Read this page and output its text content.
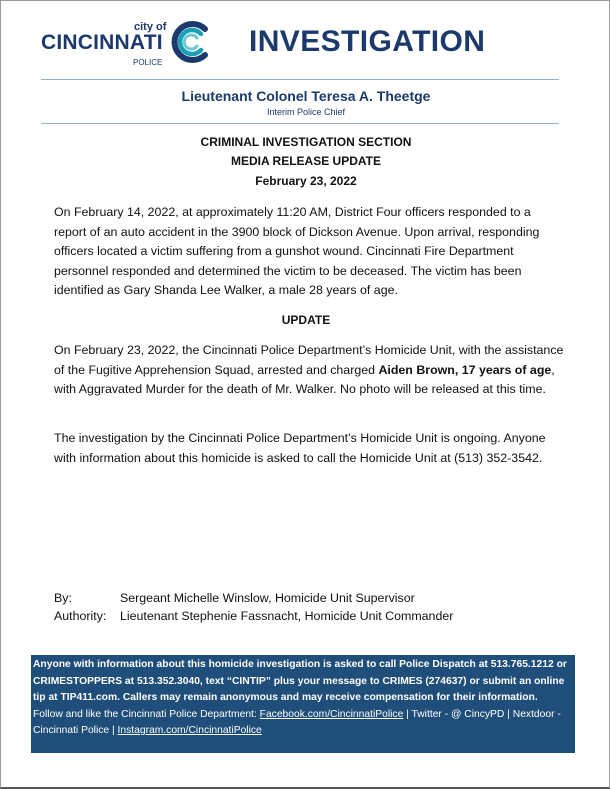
city of
CINCINNATI
POLICE
INVESTIGATION
Lieutenant Colonel Teresa A. Theetge
Interim Police Chief
CRIMINAL INVESTIGATION SECTION
MEDIA RELEASE UPDATE
February 23, 2022

On February 14, 2022, at approximately 11:20 AM, District Four officers responded to a report of an auto accident in the 3900 block of Dickson Avenue. Upon arrival, responding officers located a victim suffering from a gunshot wound. Cincinnati Fire Department personnel responded and determined the victim to be deceased. The victim has been identified as Gary Shanda Lee Walker, a male 28 years of age.

UPDATE

On February 23, 2022, the Cincinnati Police Department’s Homicide Unit, with the assistance of the Fugitive Apprehension Squad, arrested and charged Aiden Brown, 17 years of age, with Aggravated Murder for the death of Mr. Walker. No photo will be released at this time.

The investigation by the Cincinnati Police Department’s Homicide Unit is ongoing. Anyone with information about this homicide is asked to call the Homicide Unit at (513) 352-3542.

By:	Sergeant Michelle Winslow, Homicide Unit Supervisor
Authority: Lieutenant Stephenie Fassnacht, Homicide Unit Commander
Anyone with information about this homicide investigation is asked to call Police Dispatch at 513.765.1212 or CRIMESTOPPERS at 513.352.3040, text “CINTIP” plus your message to CRIMES (274637) or submit an online tip at TIP411.com. Callers may remain anonymous and may receive compensation for their information.
Follow and like the Cincinnati Police Department: Facebook.com/CincinnatiPolice | Twitter - @ CincyPD | Nextdoor - Cincinnati Police | Instagram.com/CincinnatiPolice
